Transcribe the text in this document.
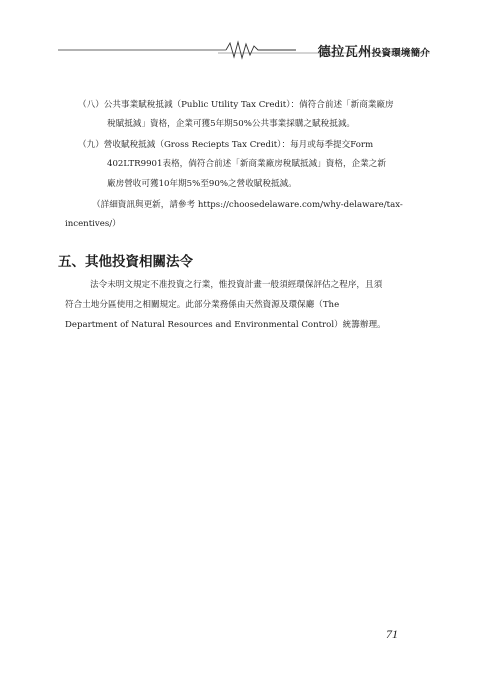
德拉瓦州投資環境簡介
（八）公共事業賦稅抵減（Public Utility Tax Credit）：倘符合前述「新商業廠房
稅賦抵減」資格，企業可獲5年期50%公共事業採購之賦稅抵減。
（九）營收賦稅抵減（Gross Reciepts Tax Credit）：每月或每季提交Form
402LTR9901表格，倘符合前述「新商業廠房稅賦抵減」資格，企業之新
廠房營收可獲10年期5%至90%之營收賦稅抵減。
（詳細資訊與更新，請參考 https://choosedelaware.com/why-delaware/tax-
incentives/）
五、其他投資相關法令
法令未明文規定不准投資之行業，惟投資計畫一般須經環保評估之程序，且須
符合土地分區使用之相關規定。此部分業務係由天然資源及環保廳（The
Department of Natural Resources and Environmental Control）統籌辦理。
71
